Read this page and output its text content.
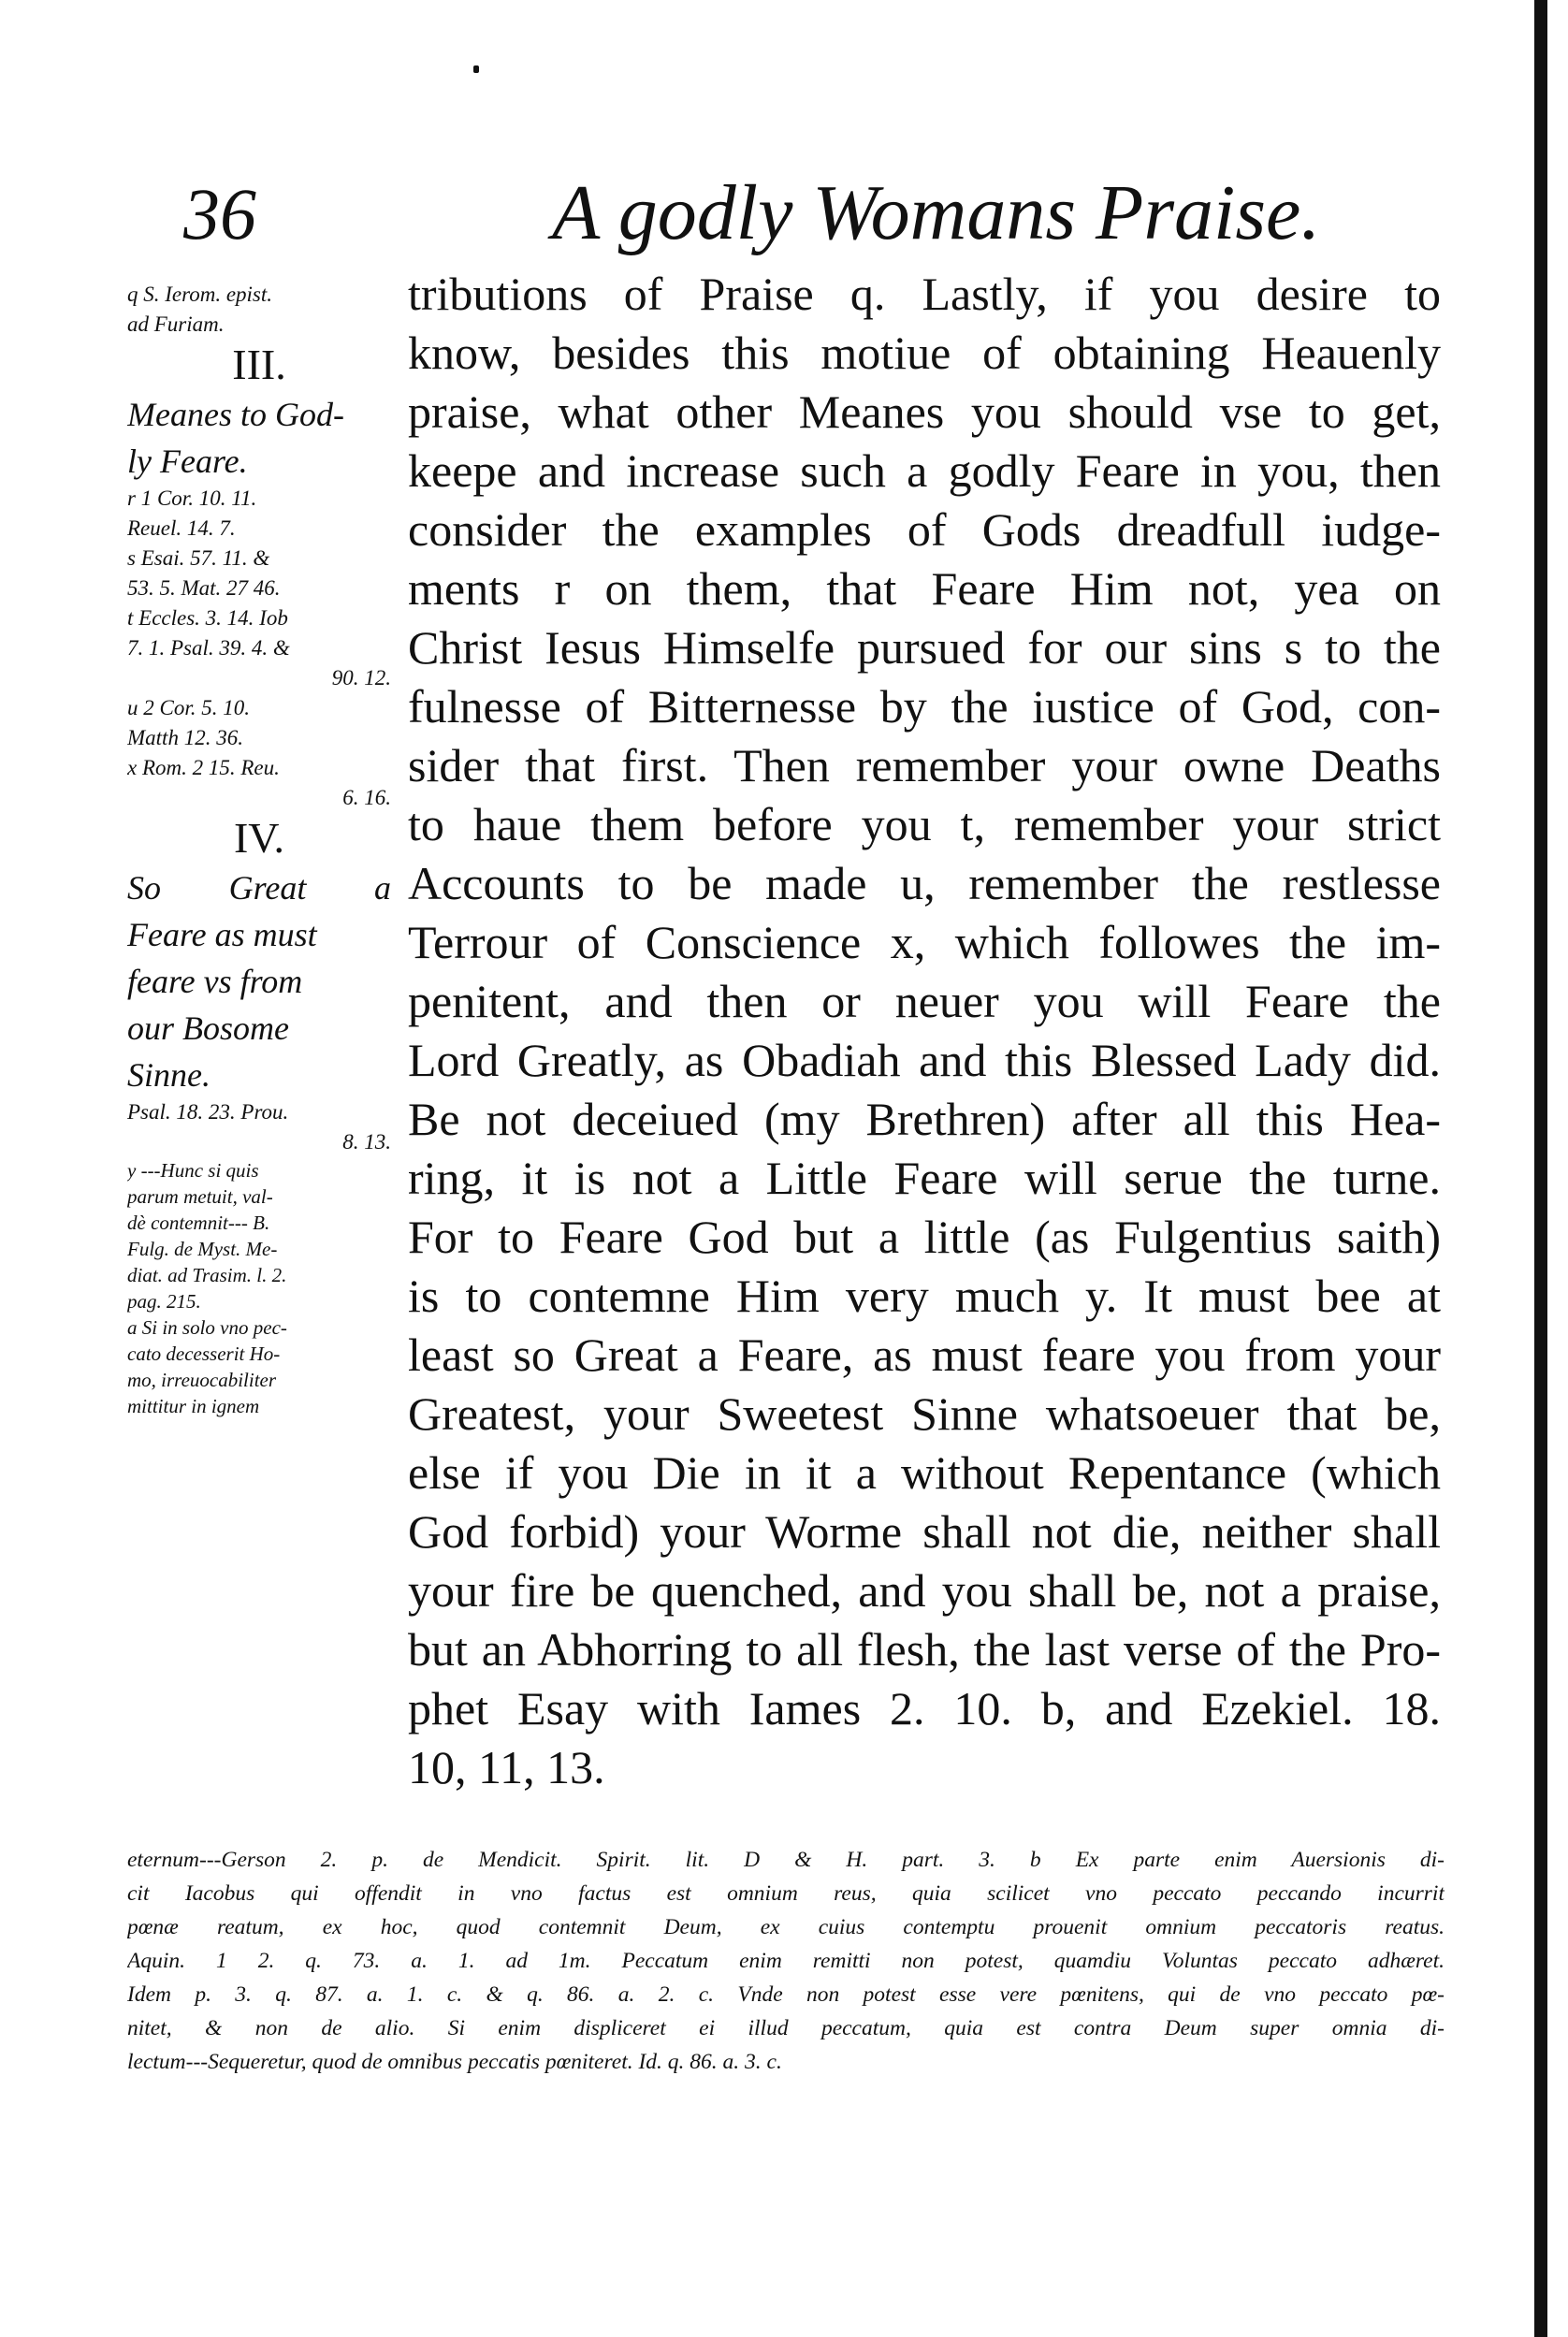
36	A godly Womans Praise.
q S. Ierom. epist.
ad Furiam.
III.
Meanes to God-
ly Feare.
r 1 Cor. 10. 11.
Reuel. 14. 7.
s Esai. 57. 11. &
53. 5. Mat. 27 46.
t Eccles. 3. 14. Iob
7. 1. Psal. 39. 4. &
90. 12.
u 2 Cor. 5. 10.
Matth 12. 36.
x Rom. 2 15. Reu.
6. 16.
IV.
So Great a
Feare as must
feare vs from
our Bosome
Sinne.
Psal. 18. 23. Prou.
8. 13.
y ---Hunc si quis
parum metuit, val-
dè contemnit--- B.
Fulg. de Myst. Me-
diat. ad Trasim. l. 2.
pag. 215.
a Si in solo vno pec-
cato decesserit Ho-
mo, irreuocabiliter
mittitur in ignem
tributions of Praise q. Lastly, if you desire to
know, besides this motiue of obtaining Heauenly
praise, what other Meanes you should vse to get,
keepe and increase such a godly Feare in you, then
consider the examples of Gods dreadfull iudge-
ments r on them, that Feare Him not, yea on
Christ Iesus Himselfe pursued for our sins s to the
fulnesse of Bitternesse by the iustice of God, con-
sider that first. Then remember your owne Deaths
to haue them before you t, remember your strict
Accounts to be made u, remember the restlesse
Terrour of Conscience x, which followes the im-
penitent, and then or neuer you will Feare the
Lord Greatly, as Obadiah and this Blessed Lady did.
Be not deceiued (my Brethren) after all this Hea-
ring, it is not a Little Feare will serue the turne.
For to Feare God but a little (as Fulgentius saith)
is to contemne Him very much y. It must bee at
least so Great a Feare, as must feare you from your
Greatest, your Sweetest Sinne whatsoeuer that be,
else if you Die in it a without Repentance (which
God forbid) your Worme shall not die, neither shall
your fire be quenched, and you shall be, not a praise,
but an Abhorring to all flesh, the last verse of the Pro-
phet Esay with Iames 2. 10. b, and Ezekiel. 18.
10, 11, 13.
eternum---Gerson 2. p. de Mendicit. Spirit. lit. D & H. part. 3. b Ex parte enim Auersionis di-
cit Iacobus qui offendit in vno factus est omnium reus, quia scilicet vno peccato peccando incurrit
pœnæ reatum, ex hoc, quod contemnit Deum, ex cuius contemptu prouenit omnium peccatoris reatus.
Aquin. 1 2. q. 73. a. 1. ad 1m. Peccatum enim remitti non potest, quamdiu Voluntas peccato adhæret.
Idem p. 3. q. 87. a. 1. c. & q. 86. a. 2. c. Vnde non potest esse vere pœnitens, qui de vno peccato pœ-
nitet, & non de alio. Si enim displiceret ei illud peccatum, quia est contra Deum super omnia di-
lectum---Sequeretur, quod de omnibus peccatis pœniteret. Id. q. 86. a. 3. c.
